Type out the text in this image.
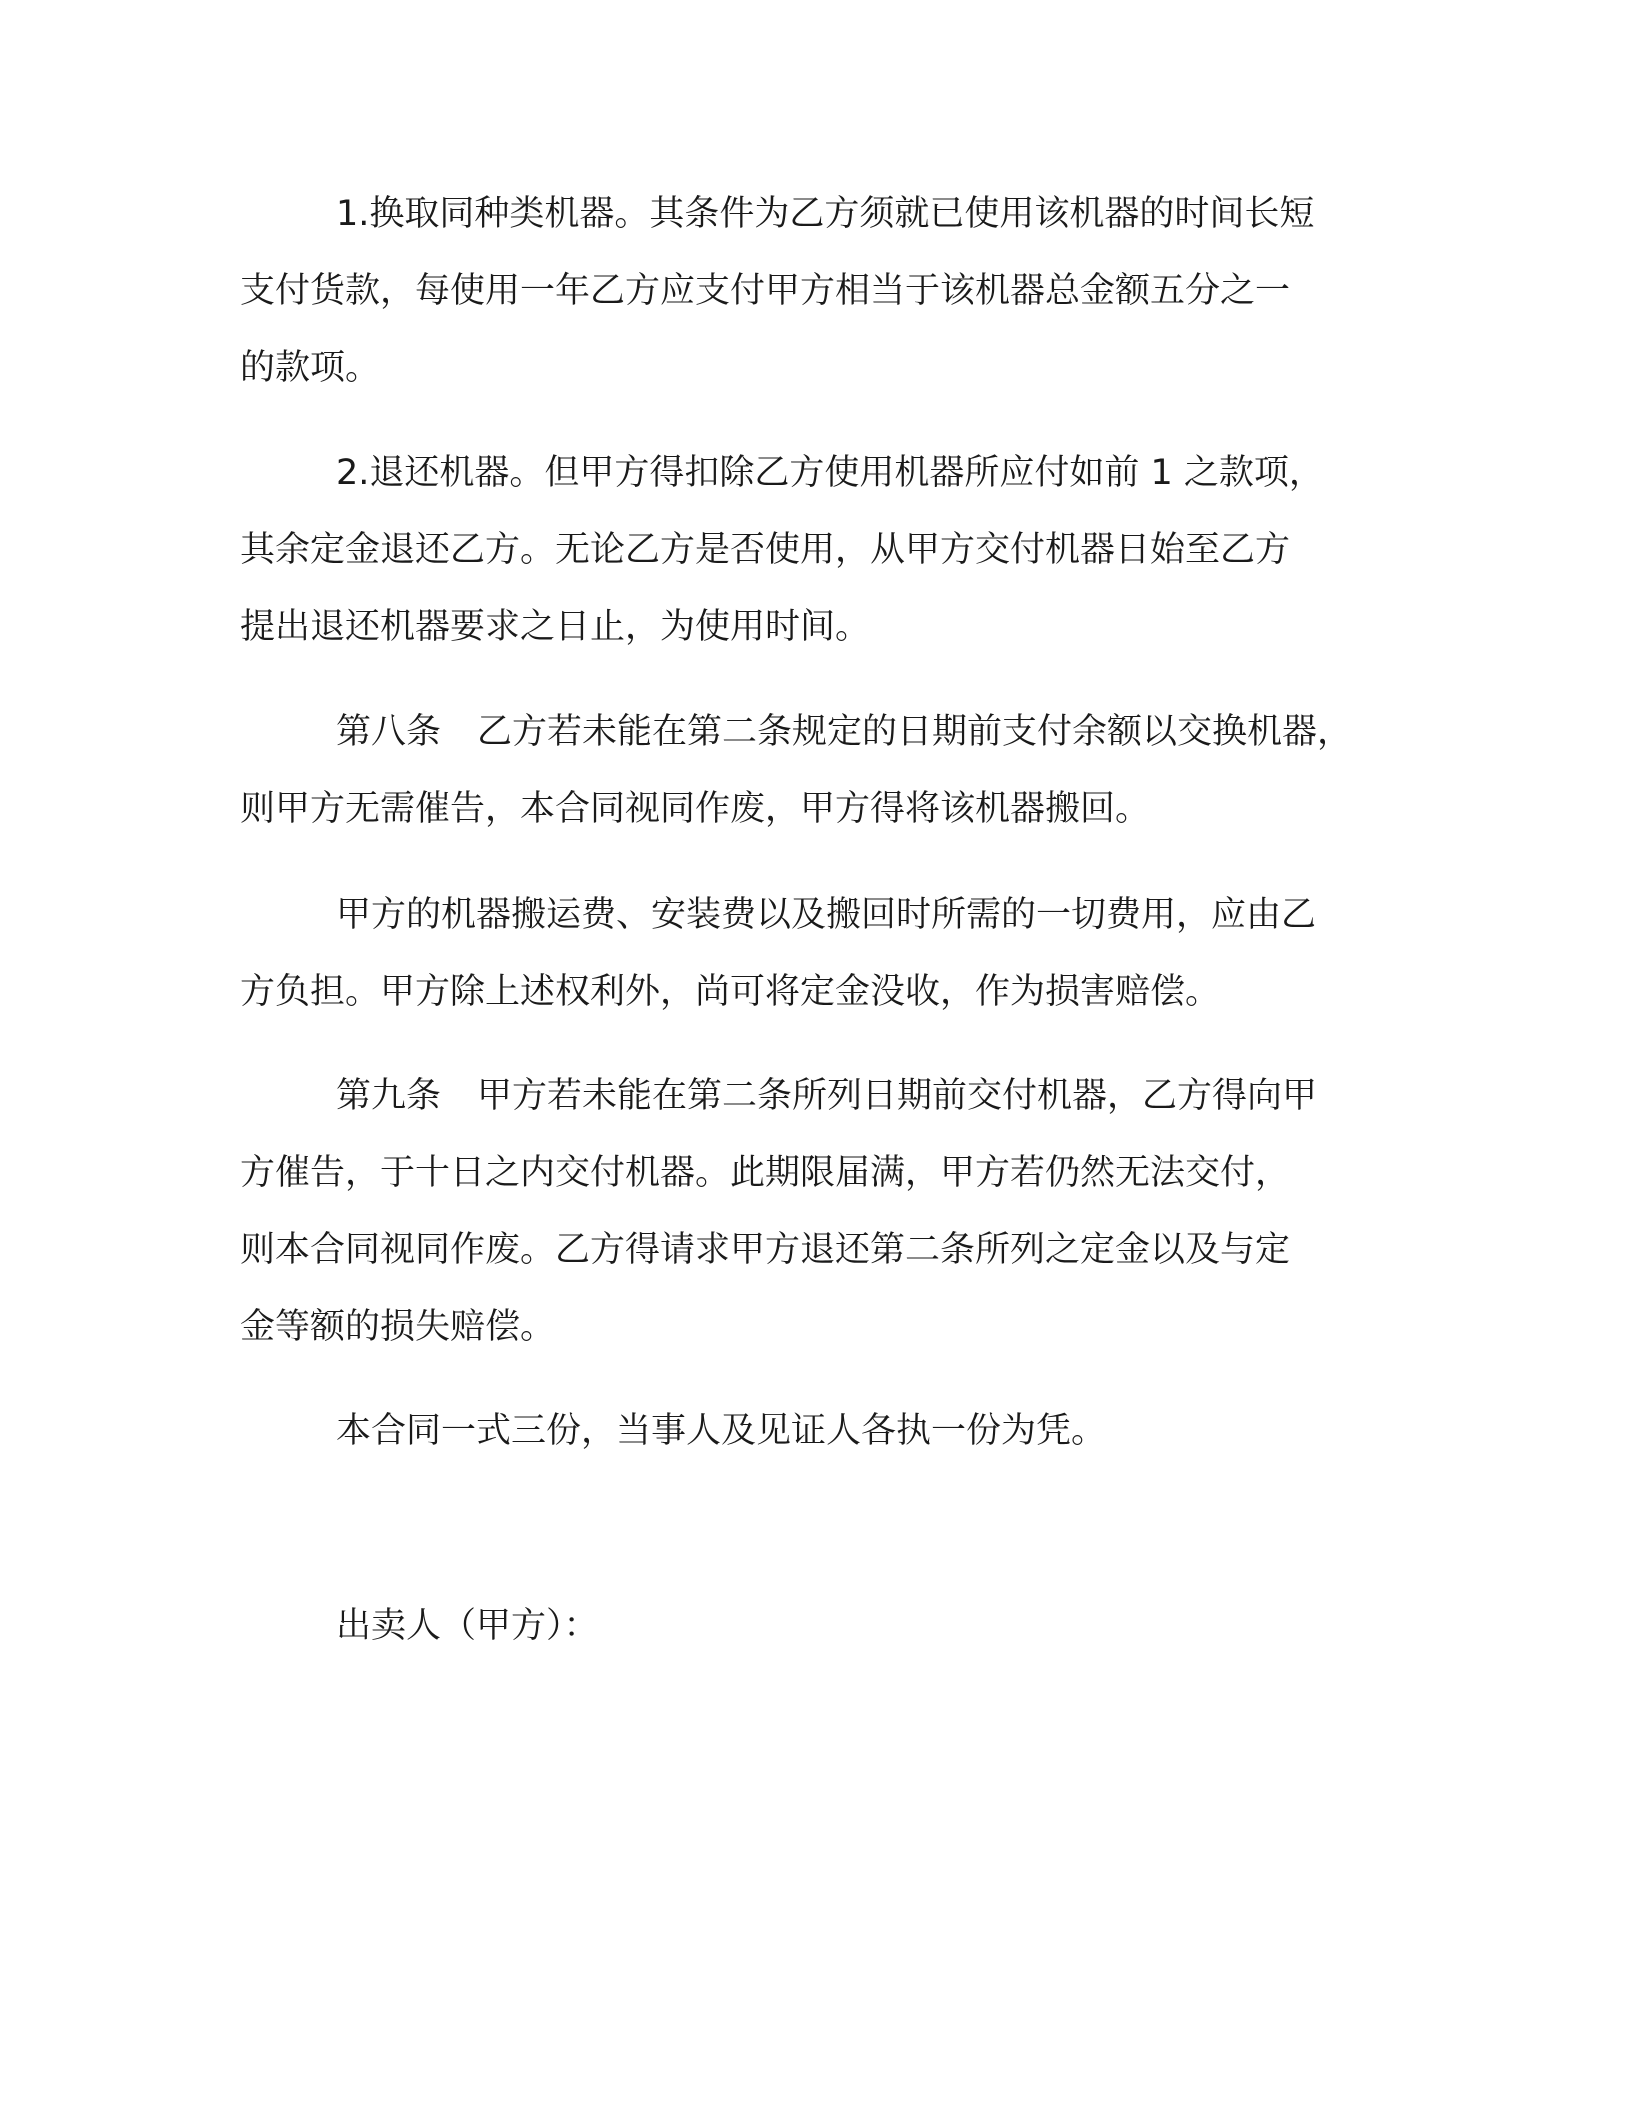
1.换取同种类机器。其条件为乙方须就已使用该机器的时间长短
支付货款，每使用一年乙方应支付甲方相当于该机器总金额五分之一
的款项。
2.退还机器。但甲方得扣除乙方使用机器所应付如前 1 之款项，
其余定金退还乙方。无论乙方是否使用，从甲方交付机器日始至乙方
提出退还机器要求之日止，为使用时间。
第八条 乙方若未能在第二条规定的日期前支付余额以交换机器，
则甲方无需催告，本合同视同作废，甲方得将该机器搬回。
甲方的机器搬运费、安装费以及搬回时所需的一切费用，应由乙
方负担。甲方除上述权利外，尚可将定金没收，作为损害赔偿。
第九条 甲方若未能在第二条所列日期前交付机器，乙方得向甲
方催告，于十日之内交付机器。此期限届满，甲方若仍然无法交付，
则本合同视同作废。乙方得请求甲方退还第二条所列之定金以及与定
金等额的损失赔偿。
本合同一式三份，当事人及见证人各执一份为凭。
出卖人（甲方）：
